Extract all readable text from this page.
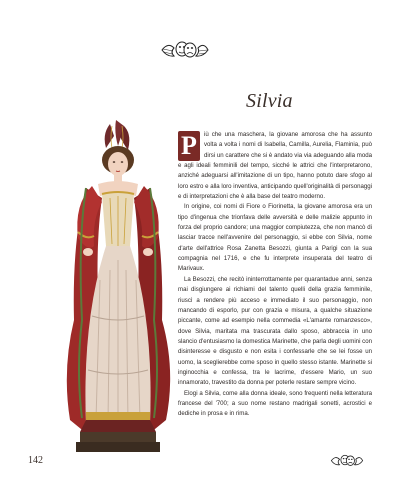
Silvia

P	iù che una maschera, la giovane amorosa che ha assunto volta a volta i nomi di Isabella, Camilla, Aurelia, Flaminia, può dirsi un carattere che si è andato via via adeguando alla moda e agli ideali femminili del tempo, sicché le attrici che l'interpretarono, anziché adeguarsi all'imitazione di un tipo, hanno potuto dare sfogo al loro estro e alla loro inventiva, anticipando quell'originalità di personaggi e di interpretazioni che è alla base del teatro moderno.

In origine, coi nomi di Fiore o Fiorinetta, la giovane amorosa era un tipo d'ingenua che trionfava delle avversità e delle malizie appunto in forza del proprio candore; una maggior compiutezza, che non mancò di lasciar tracce nell'avvenire del personaggio, si ebbe con Silvia, nome d'arte dell'attrice Rosa Zanetta Besozzi, giunta a Parigi con la sua compagnia nel 1716, e che fu interprete insuperata del teatro di Marivaux.

La Besozzi, che recitò ininterrottamente per quarantadue anni, senza mai disgiungere ai richiami del talento quelli della grazia femminile, riuscì a rendere più acceso e immediato il suo personaggio, non mancando di esporlo, pur con grazia e misura, a qualche situazione piccante, come ad esempio nella commedia «L'amante romanzesco», dove Silvia, maritata ma trascurata dallo sposo, abbraccia in uno slancio d'entusiasmo la domestica Marinette, che parla degli uomini con disinteresse e disgusto e non esita i confessarle che se lei fosse un uomo, la sceglierebbe come sposo in quello stesso istante. Marinette si inginocchia e confessa, tra le lacrime, d'essere Mario, un suo innamorato, travestito da donna per poterle restare sempre vicino.

Elogi a Silvia, come alla donna ideale, sono frequenti nella letteratura francese del '700; a suo nome restano madrigali sonetti, acrostici e dediche in prosa e in rima.

142
